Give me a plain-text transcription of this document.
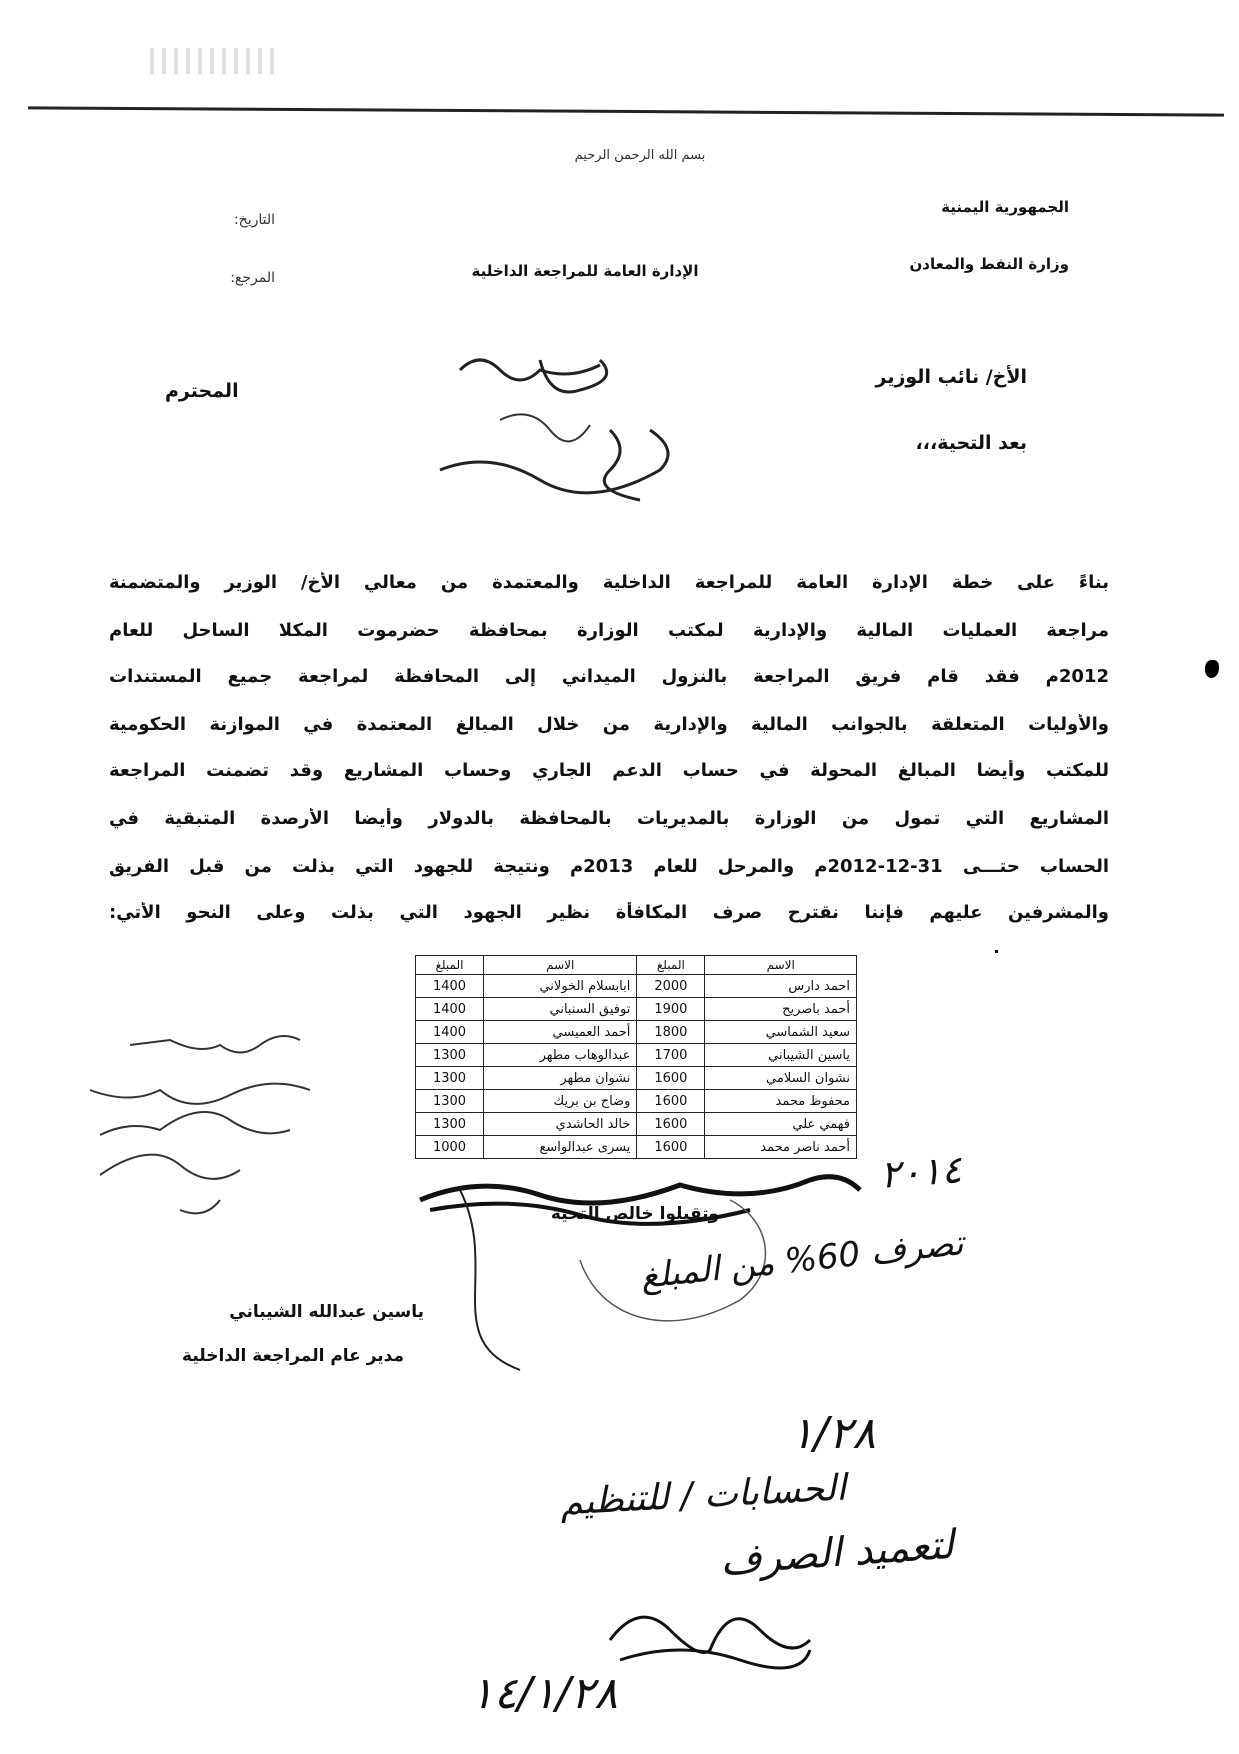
بسم الله الرحمن الرحيم
الجمهورية اليمنية
وزارة النفط والمعادن
الإدارة العامة للمراجعة الداخلية
التاريخ:
المرجع:
الأخ/ نائب الوزير
المحترم
بعد التحية،،،
بناءً على خطة الإدارة العامة للمراجعة الداخلية والمعتمدة من معالي الأخ/ الوزير والمتضمنة
مراجعة العمليات المالية والإدارية لمكتب الوزارة بمحافظة حضرموت المكلا الساحل للعام
2012م فقد قام فريق المراجعة بالنزول الميداني إلى المحافظة لمراجعة جميع المستندات
والأوليات المتعلقة بالجوانب المالية والإدارية من خلال المبالغ المعتمدة في الموازنة الحكومية
للمكتب وأيضا المبالغ المحولة في حساب الدعم الجاري وحساب المشاريع وقد تضمنت المراجعة
المشاريع التي تمول من الوزارة بالمديريات بالمحافظة بالدولار وأيضا الأرصدة المتبقية في
الحساب حتـــى 31-12-2012م والمرحل للعام 2013م ونتيجة للجهود التي بذلت من قبل الفريق
والمشرفين عليهم فإننا نقترح صرف المكافأة نظير الجهود التي بذلت وعلى النحو الأتي:
الاسم	المبلغ	الاسم	المبلغ
احمد دارس	2000	ابابسلام الخولاني	1400
أحمد باصريح	1900	توفيق السنباني	1400
سعيد الشماسي	1800	أحمد العميسي	1400
ياسين الشيباني	1700	عبدالوهاب مطهر	1300
نشوان السلامي	1600	نشوان مطهر	1300
محفوظ محمد	1600	وضاح بن بريك	1300
فهمي علي	1600	خالد الحاشدي	1300
أحمد ناصر محمد	1600	يسرى عبدالواسع	1000
وتقبلوا خالص التحية
ياسين عبدالله الشيباني
مدير عام المراجعة الداخلية
٢٠١٤
تصرف 60% من المبلغ
١/٢٨
الحسابات / للتنظيم
لتعميد الصرف
١٤/١/٢٨
